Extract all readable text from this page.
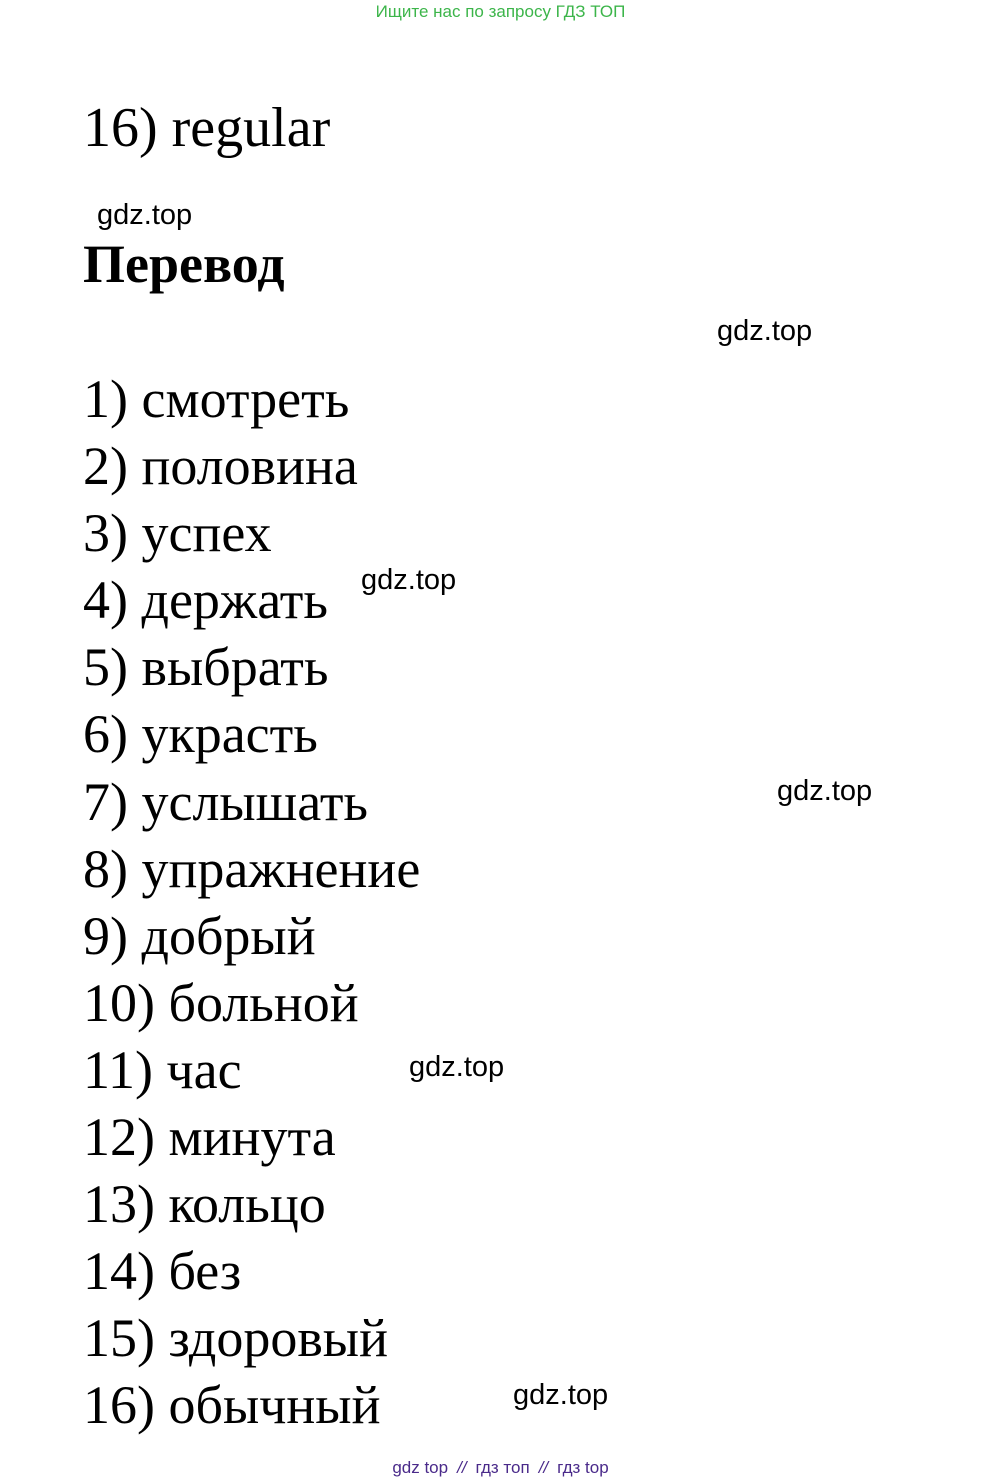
Ищите нас по запросу ГДЗ ТОП
16) regular
gdz.top
Перевод
gdz.top
1) смотреть
2) половина
3) успех
4) держать
5) выбрать
6) украсть
7) услышать
8) упражнение
9) добрый
10) больной
11) час
12) минута
13) кольцо
14) без
15) здоровый
16) обычный
gdz.top
gdz.top
gdz.top
gdz.top
gdz top // гдз топ // гдз top
